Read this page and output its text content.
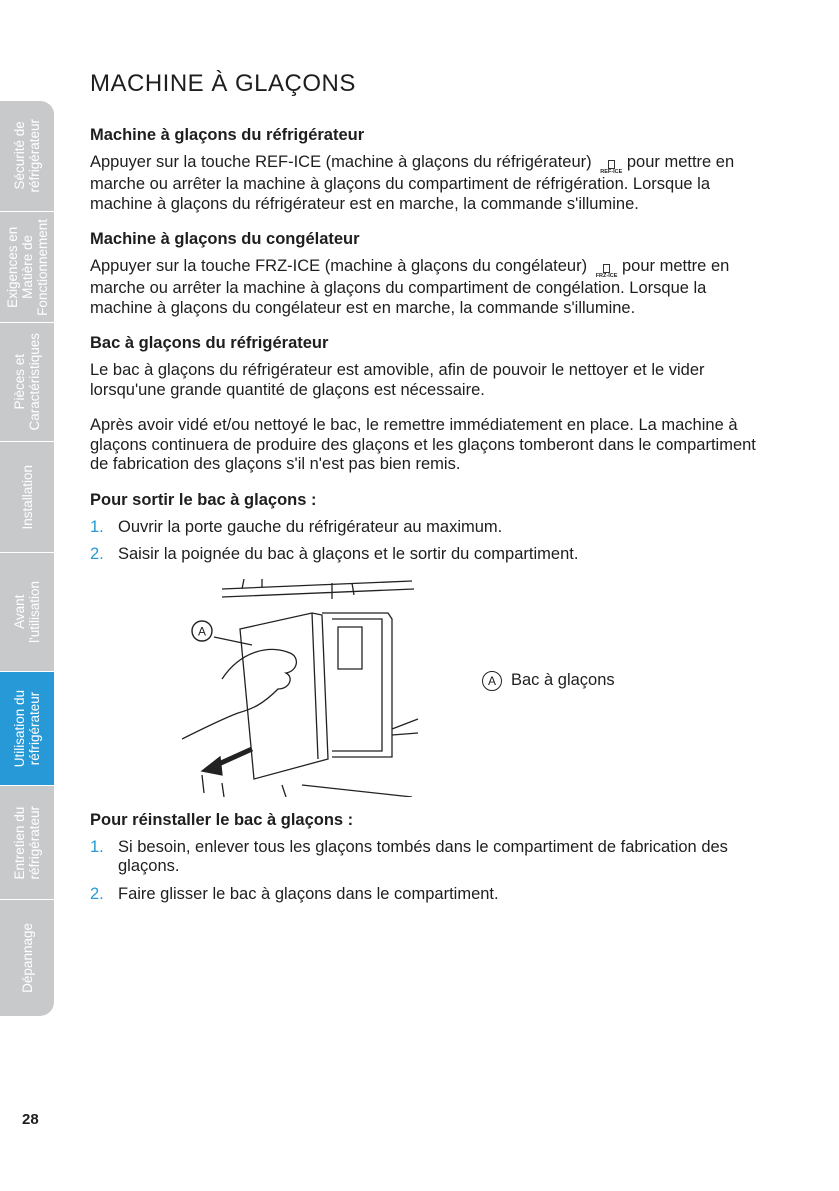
Sécurité de
réfrigérateur
Exigences en
Matière de
Fonctionnement
Pièces et
Caractéristiques
Installation
Avant
l'utilisation
Utilisation du
réfrigérateur
Entretien du
réfrigérateur
Dépannage
MACHINE À GLAÇONS
Machine à glaçons du réfrigérateur

Appuyer sur la touche REF-ICE (machine à glaçons du réfrigérateur)
REF-ICE
pour mettre en marche ou arrêter la machine à glaçons du compartiment de réfrigération. Lorsque la machine à glaçons du réfrigérateur est en marche, la commande s'illumine.

Machine à glaçons du congélateur

Appuyer sur la touche FRZ-ICE (machine à glaçons du congélateur)
FRZ-ICE
pour mettre en marche ou arrêter la machine à glaçons du compartiment de congélation. Lorsque la machine à glaçons du congélateur est en marche, la commande s'illumine.

Bac à glaçons du réfrigérateur

Le bac à glaçons du réfrigérateur est amovible, afin de pouvoir le nettoyer et le vider lorsqu'une grande quantité de glaçons est nécessaire.

Après avoir vidé et/ou nettoyé le bac, le remettre immédiatement en place. La machine à glaçons continuera de produire des glaçons et les glaçons tomberont dans le compartiment de fabrication des glaçons s'il n'est pas bien remis.

Pour sortir le bac à glaçons :
1. Ouvrir la porte gauche du réfrigérateur au maximum.
2. Saisir la poignée du bac à glaçons et le sortir du compartiment.
A
A Bac à glaçons
Pour réinstaller le bac à glaçons :
1. Si besoin, enlever tous les glaçons tombés dans le compartiment de fabrication des glaçons.
2. Faire glisser le bac à glaçons dans le compartiment.
28
